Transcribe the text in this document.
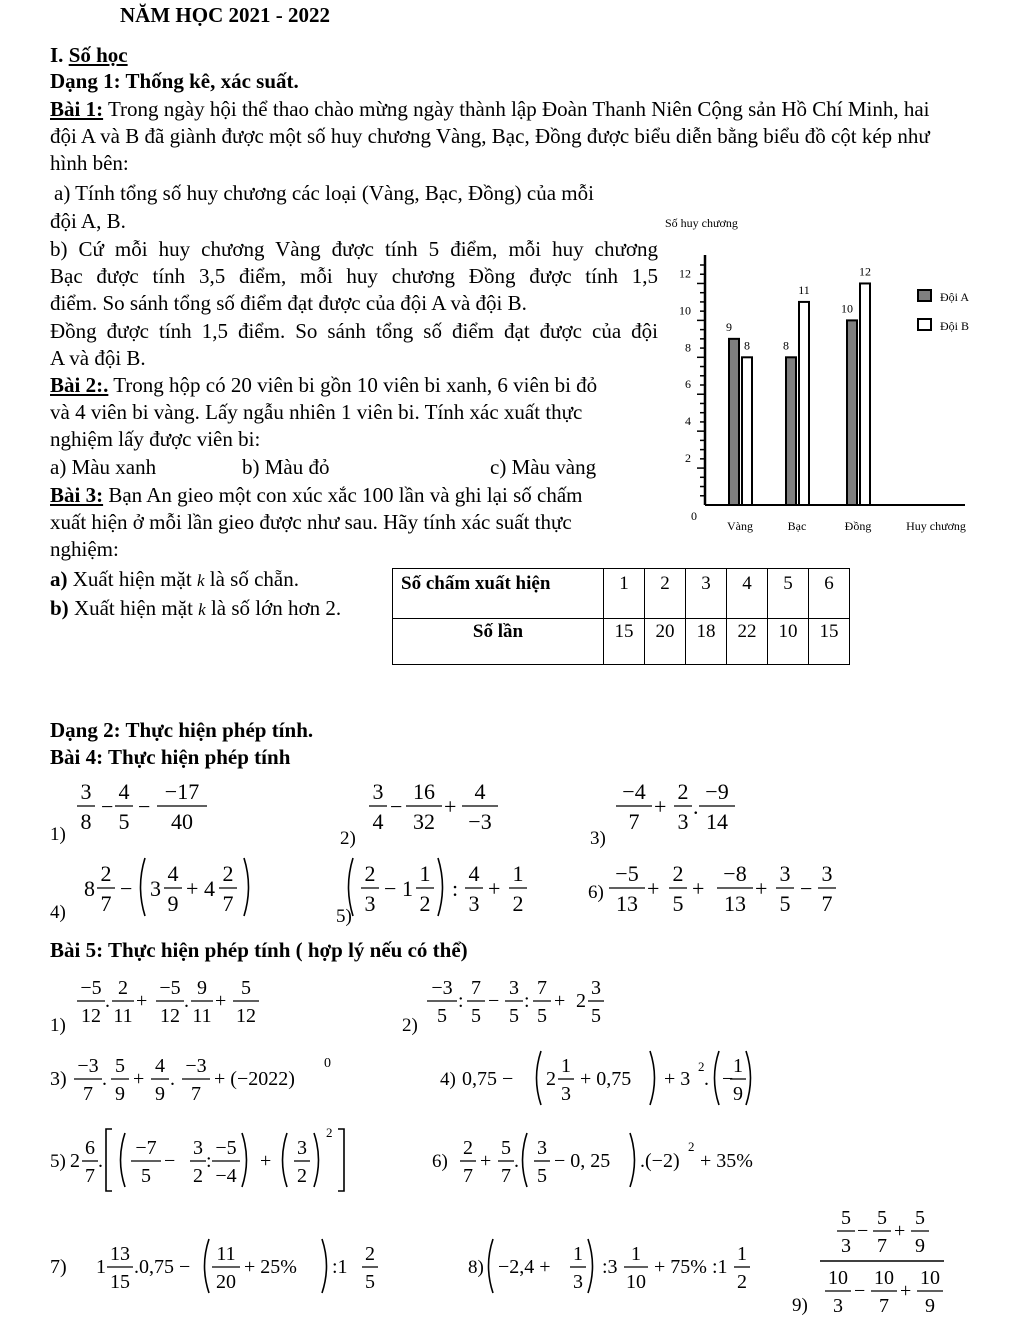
NĂM HỌC 2021 - 2022
I. Số học
Dạng 1: Thống kê, xác suất.
Bài 1: Trong ngày hội thể thao chào mừng ngày thành lập Đoàn Thanh Niên Cộng sản Hồ Chí Minh, hai
đội A và B đã giành được một số huy chương Vàng, Bạc, Đồng được biểu diễn bằng biểu đồ cột kép như
hình bên:
a) Tính tổng số huy chương các loại (Vàng, Bạc, Đồng) của mỗi
đội A, B.
b) Cứ mỗi huy chương Vàng được tính 5 điểm, mỗi huy chương
Bạc được tính 3,5 điểm, mỗi huy chương Đồng được tính 1,5
điểm. So sánh tổng số điểm đạt được của đội A và đội B.
Đồng được tính 1,5 điểm. So sánh tổng số điểm đạt được của đội
A và đội B.
Bài 2:. Trong hộp có 20 viên bi gồn 10 viên bi xanh, 6 viên bi đỏ
và 4 viên bi vàng. Lấy ngẫu nhiên 1 viên bi. Tính xác xuất thực
nghiệm lấy được viên bi:
a) Màu xanh	b) Màu đỏ	c) Màu vàng
Bài 3: Bạn An gieo một con xúc xắc 100 lần và ghi lại số chấm
xuất hiện ở mỗi lần gieo được như sau. Hãy tính xác suất thực
nghiệm:
a) Xuất hiện mặt k là số chẵn.
b) Xuất hiện mặt k là số lớn hơn 2.
Số chấm xuất hiện	1	2	3	4	5	6
Số lần	15	20	18	22	10	15
Số huy chương
2
4
6
8
10
12
0
9
8
Vàng
8
11
Bạc
10
12
Đồng	Huy chương
Đội A
Đội B
Dạng 2: Thực hiện phép tính.
Bài 4: Thực hiện phép tính
1)
3
8
−
4
5
−
−17
40
2)
3
4
−
16
32
+
4
−3
3)
−4
7
+
2
3
.
−9
14
4)
8
2
7
− 3
4
9
+ 4
2
7
5)
2
3
− 1
1
2
:
4
3
+
1
2	6)
−5
13
+
2
5
+
−8
13
+
3
5
−
3
7
Bài 5: Thực hiện phép tính ( hợp lý nếu có thể)
1)
−5
12
.
2
11
+
−5
12
.
9
11
+
5
12	2)
−3
5
:
7
5
−
3
5
:
7
5
+ 2
3
5
3)
−3
7
.
5
9
+
4
9
.
−3
7
+ (−2022)
0
4) 0,75 − 2
1
3
+ 0,75 + 3
2
. −
1
9
5) 2
6
7
.
−7
5
−
3
2
:
−5
−4
+
3
2
2
6)
2
7
+
5
7
.
3
5
− 0, 25 .(−2)
2
+ 35%
7) 1
13
15
.0,75 −
11
20
+ 25% :1
2
5
8) −2,4 +
1
3
:3
1
10
+ 75% :1
1
2
9)
5
3
−
5
7
+
5
9
10
3
−
10
7
+
10
9
